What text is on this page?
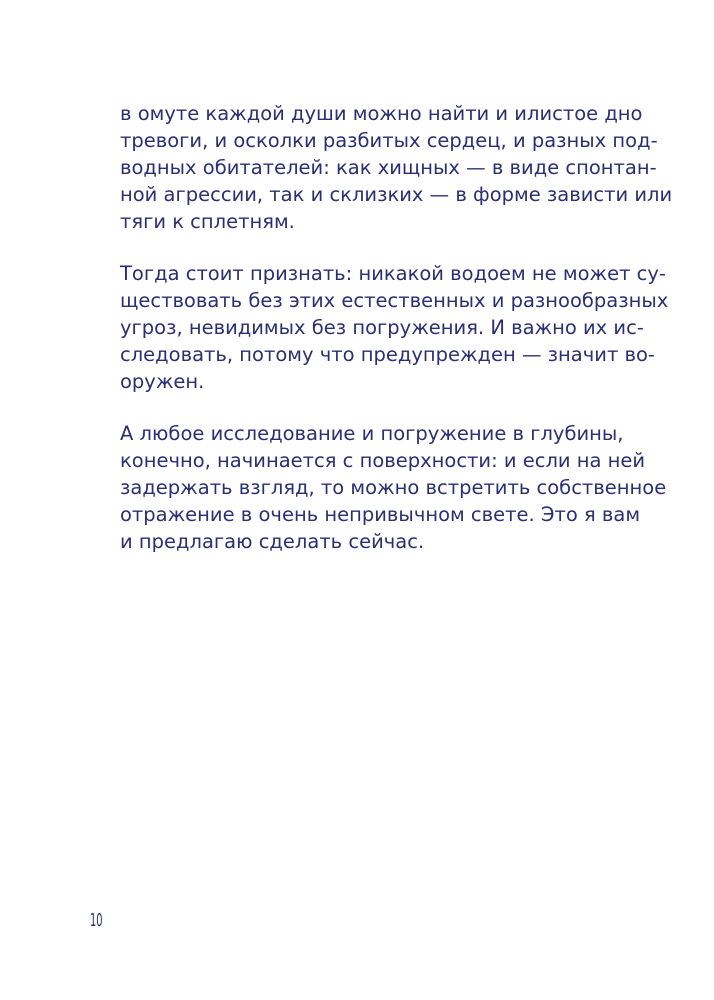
в омуте каждой души можно найти и илистое дно
тревоги, и осколки разбитых сердец, и разных под-
водных обитателей: как хищных — в виде спонтан-
ной агрессии, так и склизких — в форме зависти или
тяги к сплетням.
Тогда стоит признать: никакой водоем не может су-
ществовать без этих естественных и разнообразных
угроз, невидимых без погружения. И важно их ис-
следовать, потому что предупрежден — значит во-
оружен.
А любое исследование и погружение в глубины,
конечно, начинается с поверхности: и если на ней
задержать взгляд, то можно встретить собственное
отражение в очень непривычном свете. Это я вам
и предлагаю сделать сейчас.
10
